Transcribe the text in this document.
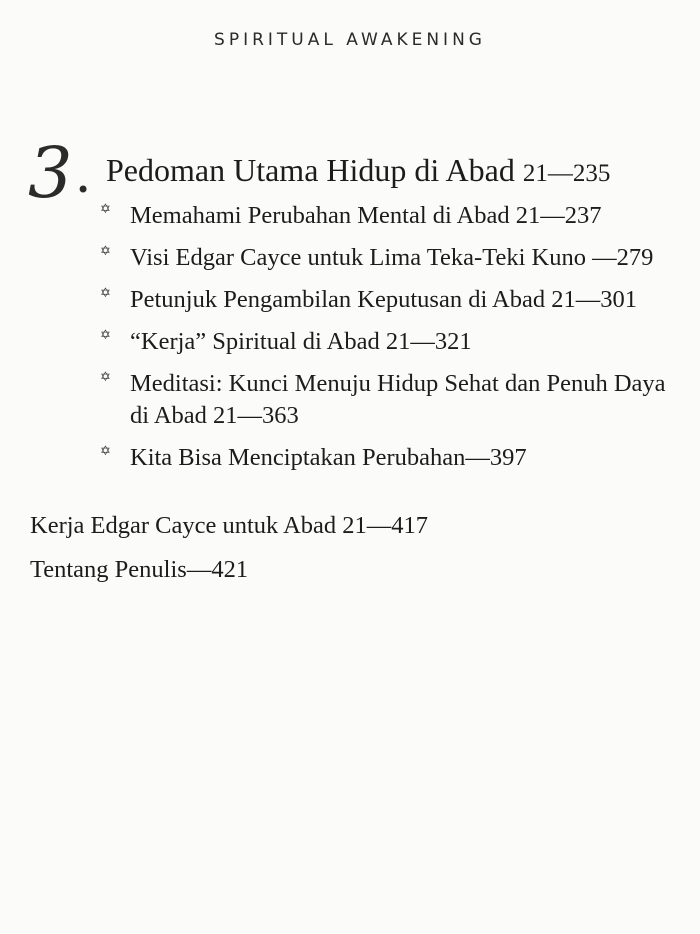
SPIRITUAL AWAKENING
3 •
Pedoman Utama Hidup di Abad 21—235
✡ Memahami Perubahan Mental di Abad 21—237
✡ Visi Edgar Cayce untuk Lima Teka-Teki Kuno —279
✡ Petunjuk Pengambilan Keputusan di Abad 21—301
✡ “Kerja” Spiritual di Abad 21—321
✡ Meditasi: Kunci Menuju Hidup Sehat dan Penuh Daya di Abad 21—363
✡ Kita Bisa Menciptakan Perubahan—397
Kerja Edgar Cayce untuk Abad 21—417
Tentang Penulis—421
